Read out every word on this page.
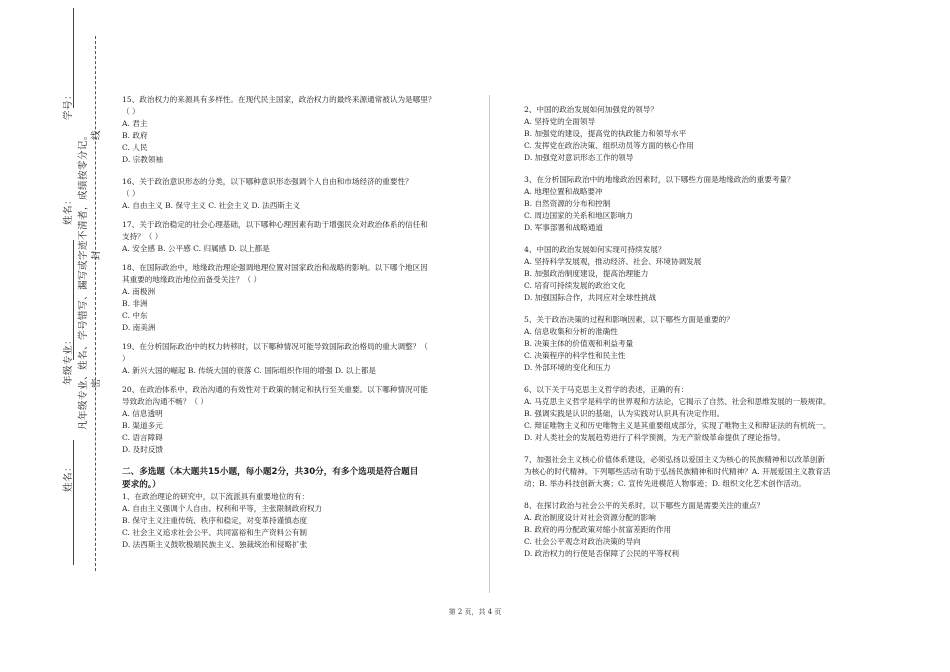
姓名：
年级专业： 凡年级专业、姓名、学号错写、漏写或字迹不清者，成绩按零分记。
姓名：
学号：
密
封
线

15、政治权力的来源具有多样性。在现代民主国家，政治权力的最终来源通常被认为是哪里？

（ ）

A. 君主

B. 政府

C. 人民

D. 宗教领袖

16、关于政治意识形态的分类，以下哪种意识形态强调个人自由和市场经济的重要性？

（ ）

A. 自由主义 B. 保守主义 C. 社会主义 D. 法西斯主义

17、关于政治稳定的社会心理基础，以下哪种心理因素有助于增强民众对政治体系的信任和

支持？（ ）

A. 安全感 B. 公平感 C. 归属感 D. 以上都是

18、在国际政治中，地缘政治理论强调地理位置对国家政治和战略的影响。以下哪个地区因

其重要的地缘政治地位而备受关注？（ ）

A. 南极洲

B. 非洲

C. 中东

D. 南美洲

19、在分析国际政治中的权力转移时，以下哪种情况可能导致国际政治格局的重大调整？（

）

A. 新兴大国的崛起 B. 传统大国的衰落 C. 国际组织作用的增强 D. 以上都是

20、在政治体系中，政治沟通的有效性对于政策的制定和执行至关重要。以下哪种情况可能

导致政治沟通不畅？（ ）

A. 信息透明

B. 渠道多元

C. 语言障碍

D. 及时反馈

二、多选题（本大题共15小题，每小题2分，共30分，有多个选项是符合题目

要求的。）

1、在政治理论的研究中，以下流派具有重要地位的有：

A. 自由主义强调个人自由、权利和平等，主张限制政府权力

B. 保守主义注重传统、秩序和稳定，对变革持谨慎态度

C. 社会主义追求社会公平、共同富裕和生产资料公有制

D. 法西斯主义鼓吹极端民族主义、独裁统治和侵略扩张

2、中国的政治发展如何加强党的领导？

A. 坚持党的全面领导

B. 加强党的建设，提高党的执政能力和领导水平

C. 发挥党在政治决策、组织动员等方面的核心作用

D. 加强党对意识形态工作的领导

3、在分析国际政治中的地缘政治因素时，以下哪些方面是地缘政治的重要考量？

A. 地理位置和战略要冲

B. 自然资源的分布和控制

C. 周边国家的关系和地区影响力

D. 军事部署和战略通道

4、中国的政治发展如何实现可持续发展？

A. 坚持科学发展观，推动经济、社会、环境协调发展

B. 加强政治制度建设，提高治理能力

C. 培育可持续发展的政治文化

D. 加强国际合作，共同应对全球性挑战

5、关于政治决策的过程和影响因素，以下哪些方面是重要的？

A. 信息收集和分析的准确性

B. 决策主体的价值观和利益考量

C. 决策程序的科学性和民主性

D. 外部环境的变化和压力

6、以下关于马克思主义哲学的表述，正确的有：

A. 马克思主义哲学是科学的世界观和方法论，它揭示了自然、社会和思维发展的一般规律。

B. 强调实践是认识的基础，认为实践对认识具有决定作用。

C. 辩证唯物主义和历史唯物主义是其重要组成部分，实现了唯物主义和辩证法的有机统一。

D. 对人类社会的发展趋势进行了科学预测，为无产阶级革命提供了理论指导。

7、加强社会主义核心价值体系建设，必须弘扬以爱国主义为核心的民族精神和以改革创新

为核心的时代精神。下列哪些活动有助于弘扬民族精神和时代精神？A. 开展爱国主义教育活

动；B. 举办科技创新大赛；C. 宣传先进模范人物事迹；D. 组织文化艺术创作活动。

8、在探讨政治与社会公平的关系时，以下哪些方面是需要关注的重点？

A. 政治制度设计对社会资源分配的影响

B. 政府的再分配政策对缩小贫富差距的作用

C. 社会公平观念对政治决策的导向

D. 政治权力的行使是否保障了公民的平等权利

第 2 页，共 4 页
